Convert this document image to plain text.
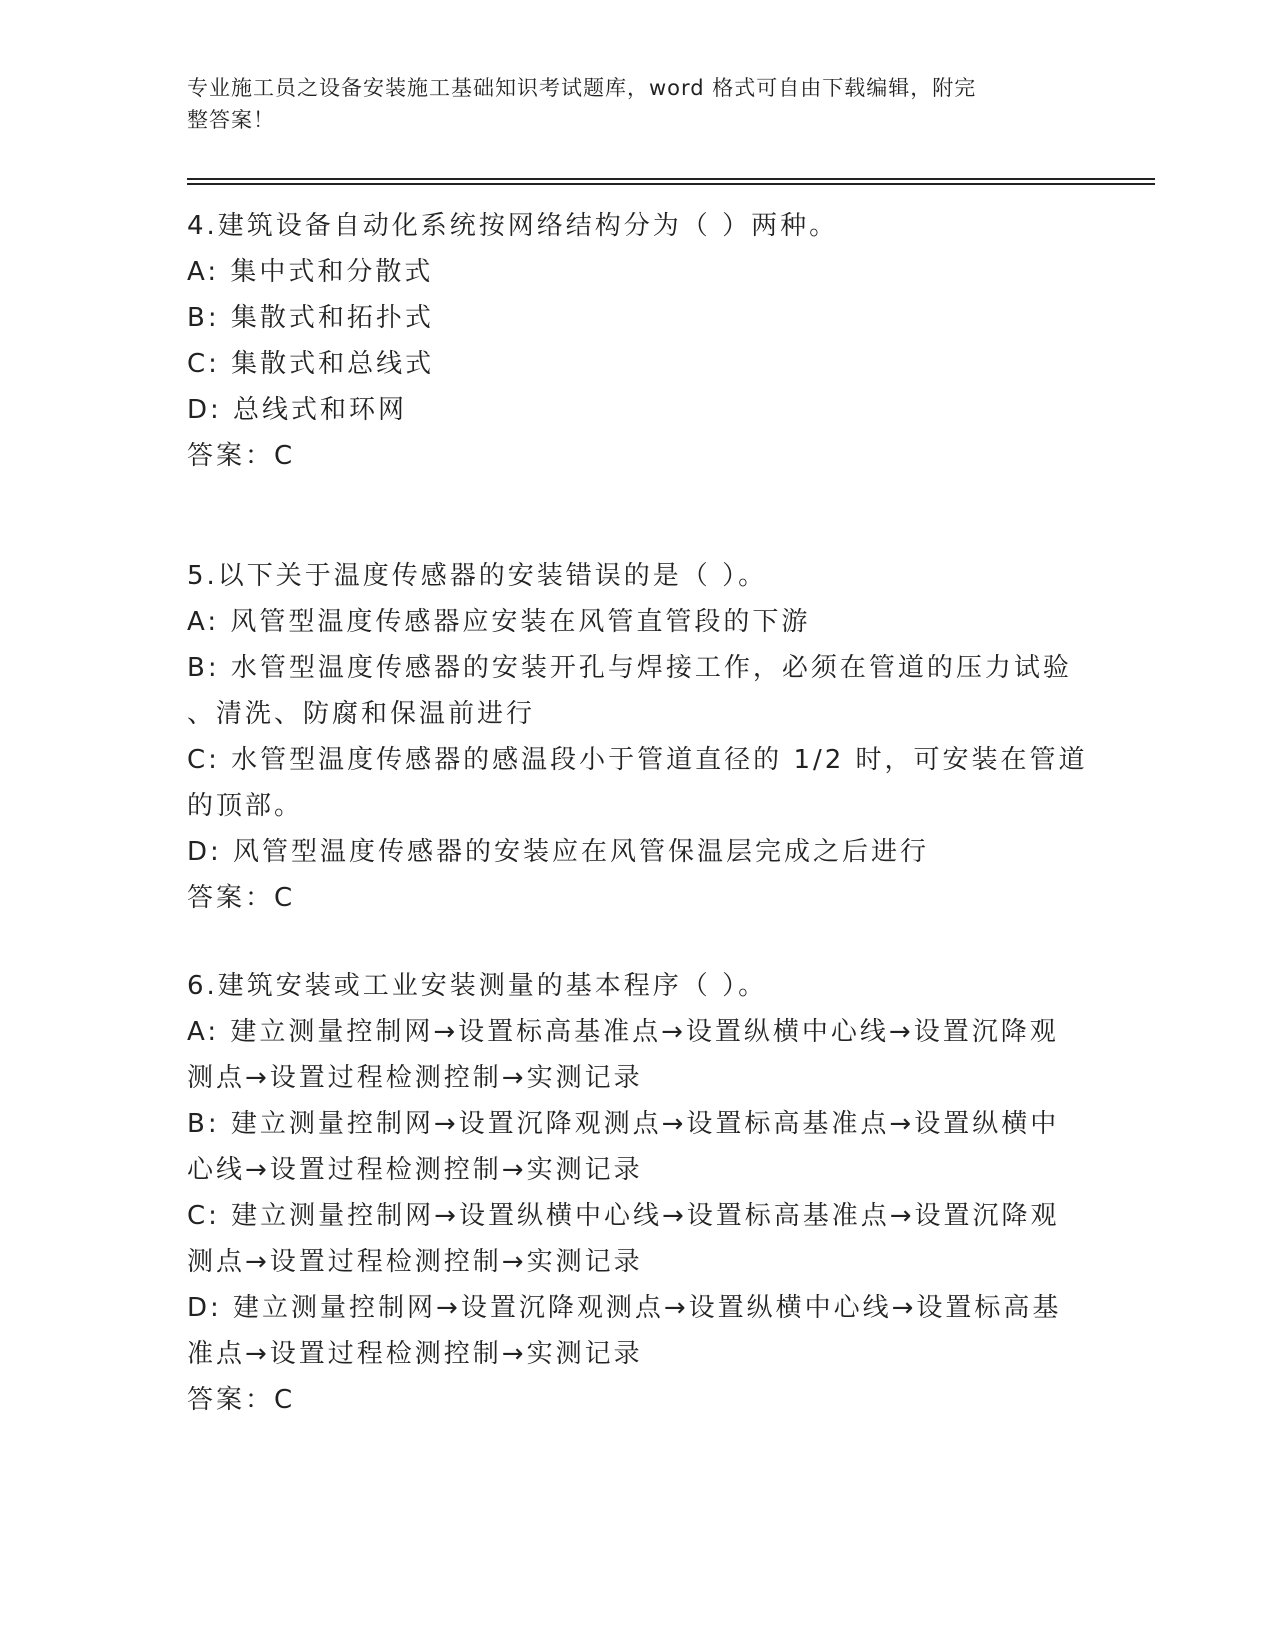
专业施工员之设备安装施工基础知识考试题库，word 格式可自由下载编辑，附完
整答案！
4.建筑设备自动化系统按网络结构分为（ ）两种。
A: 集中式和分散式
B: 集散式和拓扑式
C: 集散式和总线式
D: 总线式和环网
答案：C
5.以下关于温度传感器的安装错误的是（ ）。
A: 风管型温度传感器应安装在风管直管段的下游
B: 水管型温度传感器的安装开孔与焊接工作，必须在管道的压力试验
、清洗、防腐和保温前进行
C: 水管型温度传感器的感温段小于管道直径的 1/2 时，可安装在管道
的顶部。
D: 风管型温度传感器的安装应在风管保温层完成之后进行
答案：C
6.建筑安装或工业安装测量的基本程序（ ）。
A: 建立测量控制网→设置标高基准点→设置纵横中心线→设置沉降观
测点→设置过程检测控制→实测记录
B: 建立测量控制网→设置沉降观测点→设置标高基准点→设置纵横中
心线→设置过程检测控制→实测记录
C: 建立测量控制网→设置纵横中心线→设置标高基准点→设置沉降观
测点→设置过程检测控制→实测记录
D: 建立测量控制网→设置沉降观测点→设置纵横中心线→设置标高基
准点→设置过程检测控制→实测记录
答案：C
